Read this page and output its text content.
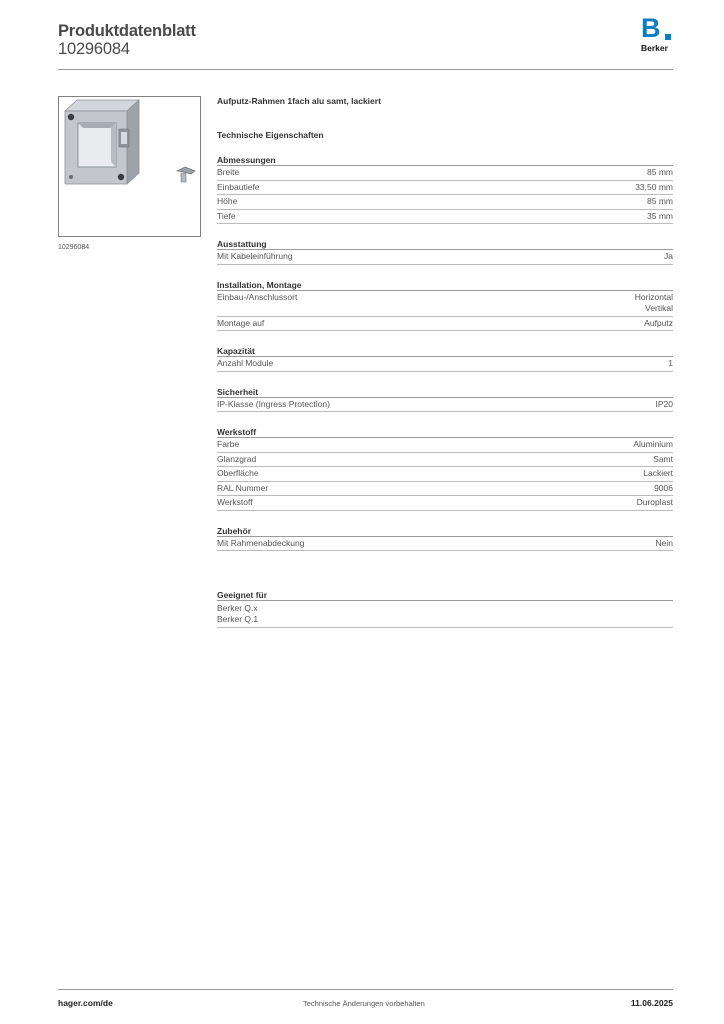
Produktdatenblatt
10296084
B
Berker
10296084
Aufputz-Rahmen 1fach alu samt, lackiert
Technische Eigenschaften
Abmessungen
Breite	85 mm
Einbautiefe	33,50 mm
Höhe	85 mm
Tiefe	35 mm
Ausstattung
Mit Kabeleinführung	Ja
Installation, Montage
Einbau-/Anschlussort	Horizontal
Vertikal
Montage auf	Aufputz
Kapazität
Anzahl Module	1
Sicherheit
IP-Klasse (Ingress Protection)	IP20
Werkstoff
Farbe	Aluminium
Glanzgrad	Samt
Oberfläche	Lackiert
RAL Nummer	9006
Werkstoff	Duroplast
Zubehör
Mit Rahmenabdeckung	Nein
Geeignet für
Berker Q.x
Berker Q.1
hager.com/de	Technische Änderungen vorbehalten	11.06.2025
